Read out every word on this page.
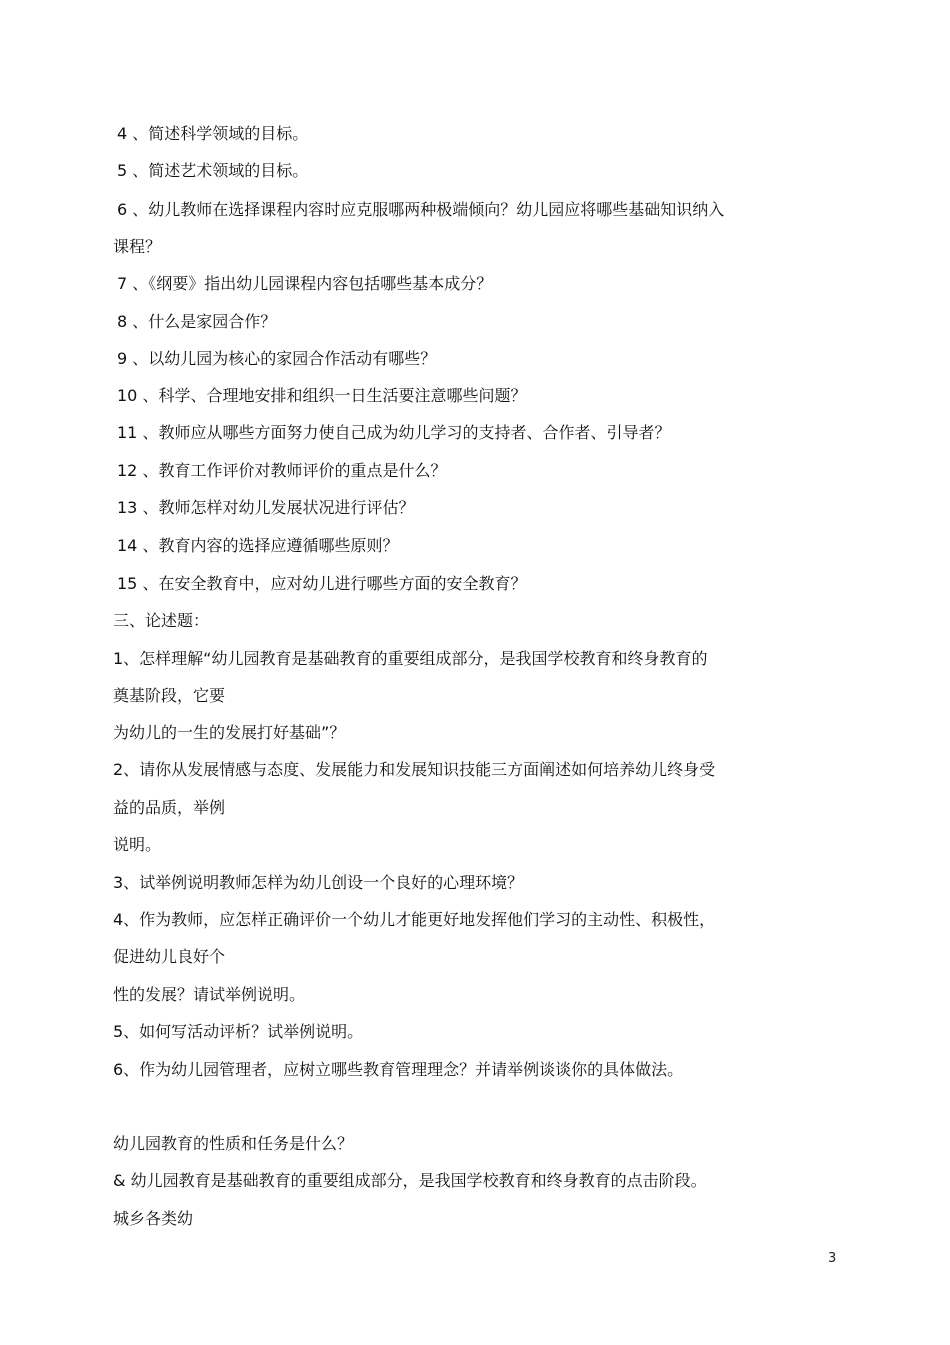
4 、简述科学领域的目标。
5 、简述艺术领域的目标。
6 、幼儿教师在选择课程内容时应克服哪两种极端倾向？幼儿园应将哪些基础知识纳入
课程？
7 、《纲要》指出幼儿园课程内容包括哪些基本成分？
8 、什么是家园合作？
9 、以幼儿园为核心的家园合作活动有哪些？
10 、科学、合理地安排和组织一日生活要注意哪些问题？
11 、教师应从哪些方面努力使自己成为幼儿学习的支持者、合作者、引导者？
12 、教育工作评价对教师评价的重点是什么？
13 、教师怎样对幼儿发展状况进行评估？
14 、教育内容的选择应遵循哪些原则？
15 、在安全教育中，应对幼儿进行哪些方面的安全教育？
三、论述题：
1、怎样理解“幼儿园教育是基础教育的重要组成部分，是我国学校教育和终身教育的
奠基阶段，它要
为幼儿的一生的发展打好基础”？
2、请你从发展情感与态度、发展能力和发展知识技能三方面阐述如何培养幼儿终身受
益的品质，举例
说明。
3、试举例说明教师怎样为幼儿创设一个良好的心理环境？
4、作为教师，应怎样正确评价一个幼儿才能更好地发挥他们学习的主动性、积极性，
促进幼儿良好个
性的发展？请试举例说明。
5、如何写活动评析？试举例说明。
6、作为幼儿园管理者，应树立哪些教育管理理念？并请举例谈谈你的具体做法。
幼儿园教育的性质和任务是什么？
& 幼儿园教育是基础教育的重要组成部分，是我国学校教育和终身教育的点击阶段。
城乡各类幼
3
